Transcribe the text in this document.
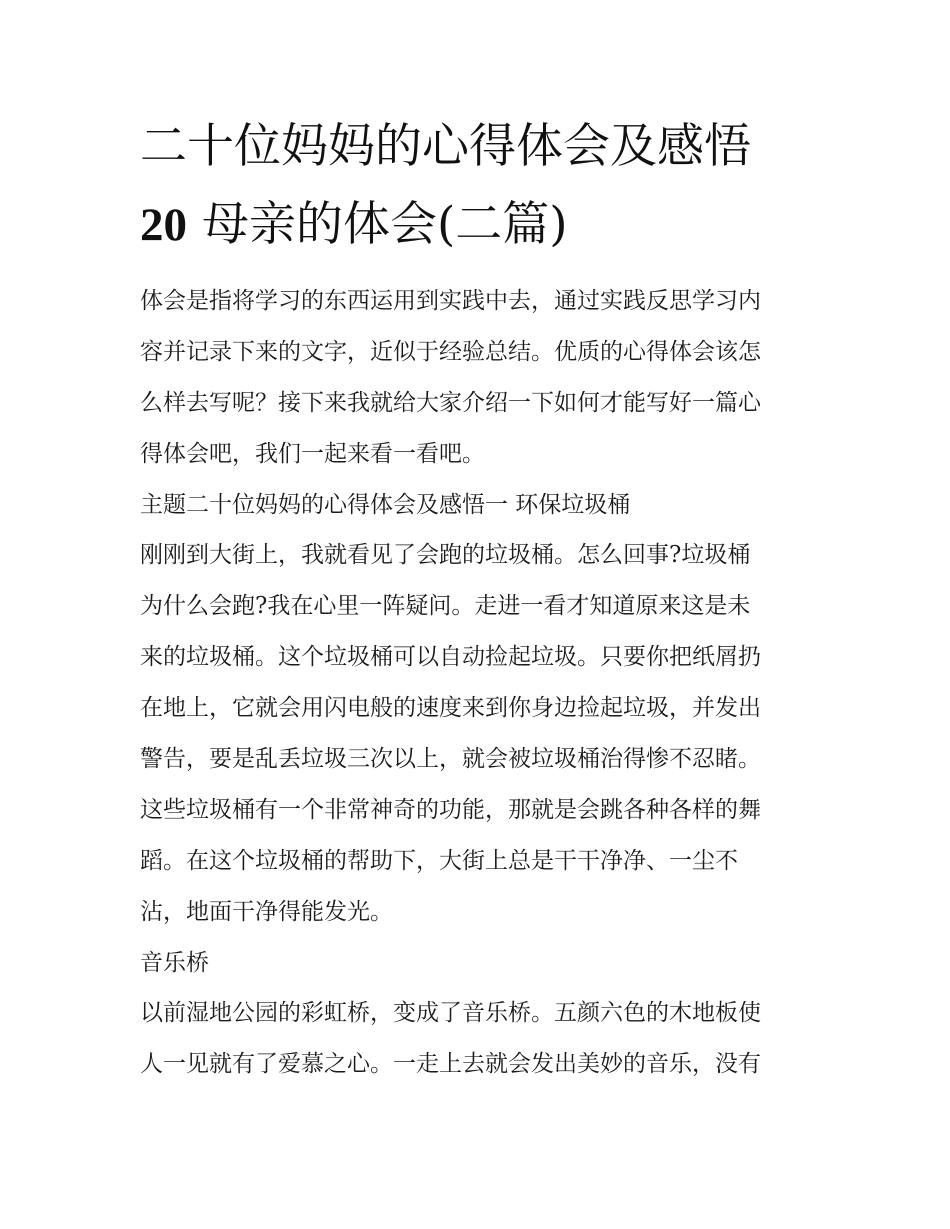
二十位妈妈的心得体会及感悟
20 母亲的体会(二篇)

体会是指将学习的东西运用到实践中去，通过实践反思学习内

容并记录下来的文字，近似于经验总结。优质的心得体会该怎

么样去写呢？接下来我就给大家介绍一下如何才能写好一篇心

得体会吧，我们一起来看一看吧。

主题二十位妈妈的心得体会及感悟一 环保垃圾桶

刚刚到大街上，我就看见了会跑的垃圾桶。怎么回事?垃圾桶

为什么会跑?我在心里一阵疑问。走进一看才知道原来这是未

来的垃圾桶。这个垃圾桶可以自动捡起垃圾。只要你把纸屑扔

在地上，它就会用闪电般的速度来到你身边捡起垃圾，并发出

警告，要是乱丢垃圾三次以上，就会被垃圾桶治得惨不忍睹。

这些垃圾桶有一个非常神奇的功能，那就是会跳各种各样的舞

蹈。在这个垃圾桶的帮助下，大街上总是干干净净、一尘不

沾，地面干净得能发光。

音乐桥

以前湿地公园的彩虹桥，变成了音乐桥。五颜六色的木地板使

人一见就有了爱慕之心。一走上去就会发出美妙的音乐，没有
